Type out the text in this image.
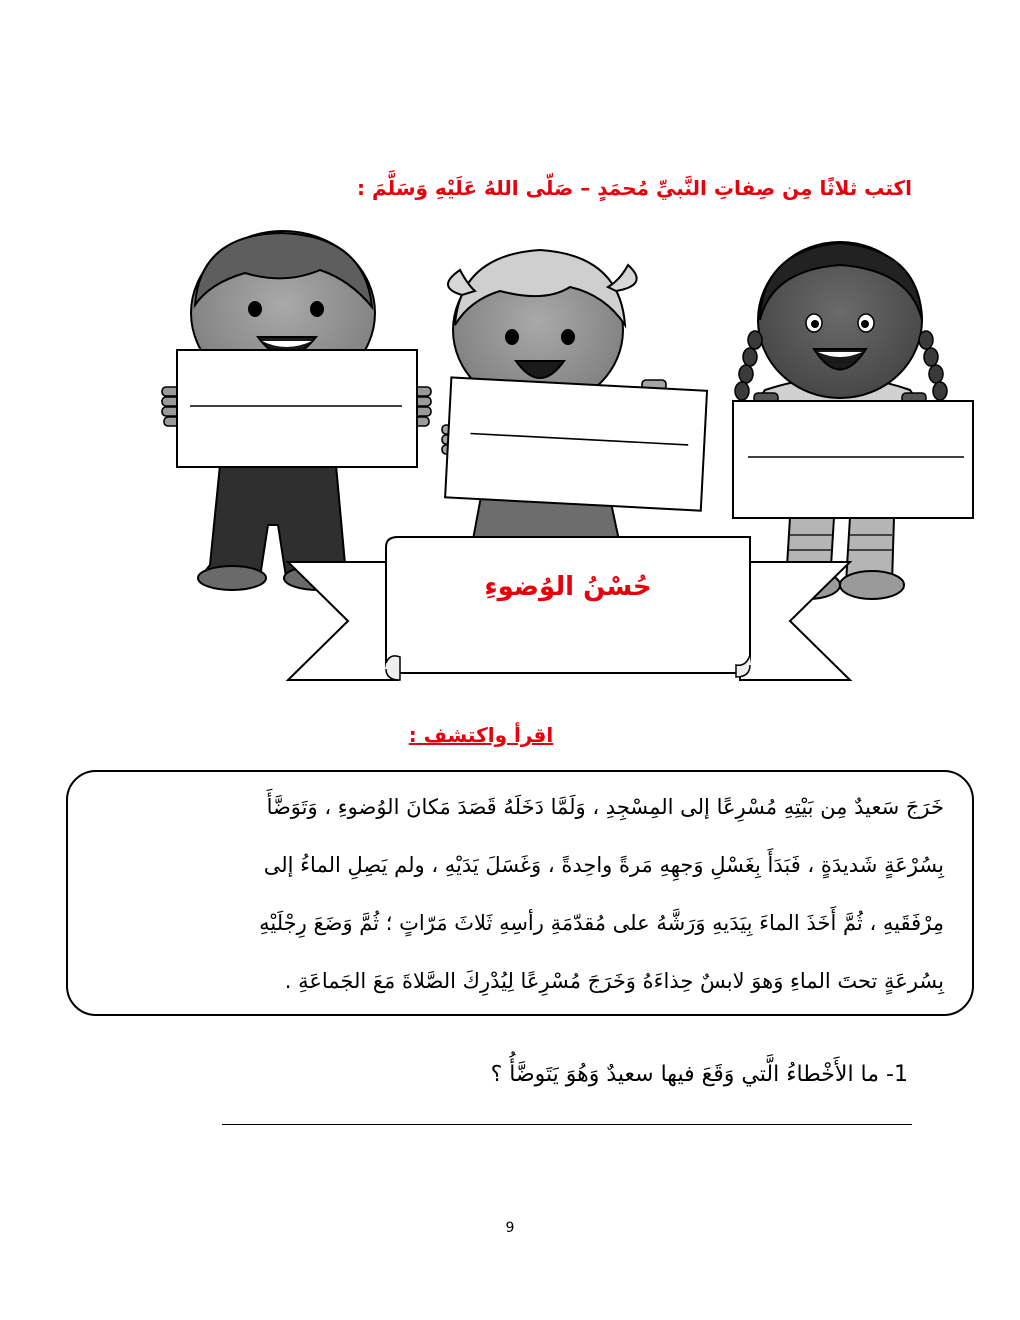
اكتب ثلاثًا مِن صِفاتِ النَّبيِّ مُحمَدٍ – صَلّى اللهُ عَلَيْهِ وَسَلَّمَ :
حُسْنُ الوُضوءِ
اقرأ واكتشف :
خَرَجَ سَعيدٌ مِن بَيْتِهِ مُسْرِعًا إلى المِسْجِدِ ، وَلَمَّا دَخَلَهُ قَصَدَ مَكانَ الوُضوءِ ، وَتَوَضَّأَ
بِسُرْعَةٍ شَديدَةٍ ، فَبَدَأَ بِغَسْلِ وَجهِهِ مَرةً واحِدةً ، وَغَسَلَ يَدَيْهِ ، ولم يَصِلِ الماءُ إلى
مِرْفَقَيهِ ، ثُمَّ أَخَذَ الماءَ بِيَدَيهِ وَرَشَّهُ على مُقدّمَةِ رأسِهِ ثَلاثَ مَرّاتٍ ؛ ثُمَّ وَضَعَ رِجْلَيْهِ
بِسُرعَةٍ تحتَ الماءِ وَهوَ لابسٌ حِذاءَهُ وَخَرَجَ مُسْرِعًا لِيُدْرِكَ الصَّلاةَ مَعَ الجَماعَةِ .
1- ما الأَخْطاءُ الَّتي وَقَعَ فيها سعيدٌ وَهُوَ يَتَوضَّأُ ؟
9
